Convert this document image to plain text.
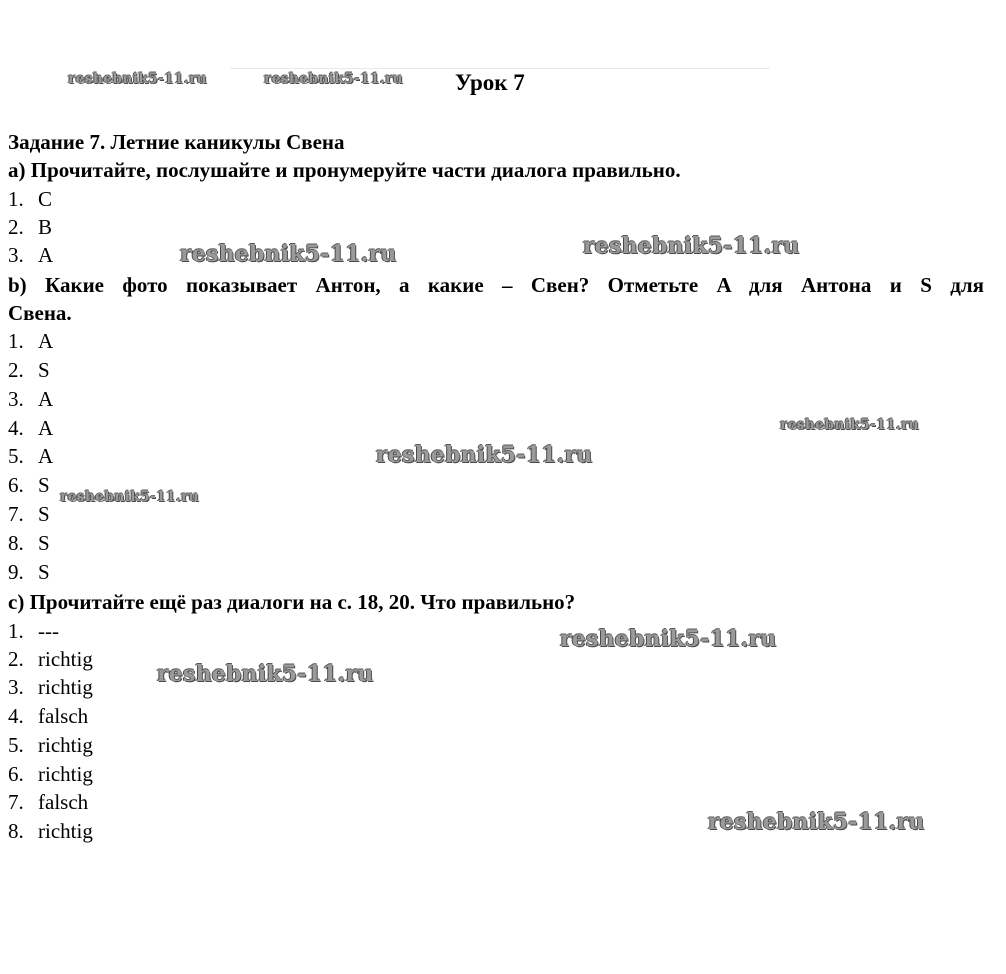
Урок 7
Задание 7. Летние каникулы Свена
a) Прочитайте, послушайте и пронумеруйте части диалога правильно.
1. C
2. B
3. A
b) Какие фото показывает Антон, а какие – Свен? Отметьте A для Антона и S для
Свена.
1. A
2. S
3. A
4. A
5. A
6. S
7. S
8. S
9. S
c) Прочитайте ещё раз диалоги на с. 18, 20. Что правильно?
1. ---
2. richtig
3. richtig
4. falsch
5. richtig
6. richtig
7. falsch
8. richtig
reshebnik5-11.ru	reshebnik5-11.ru
reshebnik5-11.ru	reshebnik5-11.ru
reshebnik5-11.ru
reshebnik5-11.ru
reshebnik5-11.ru
reshebnik5-11.ru
reshebnik5-11.ru
reshebnik5-11.ru
